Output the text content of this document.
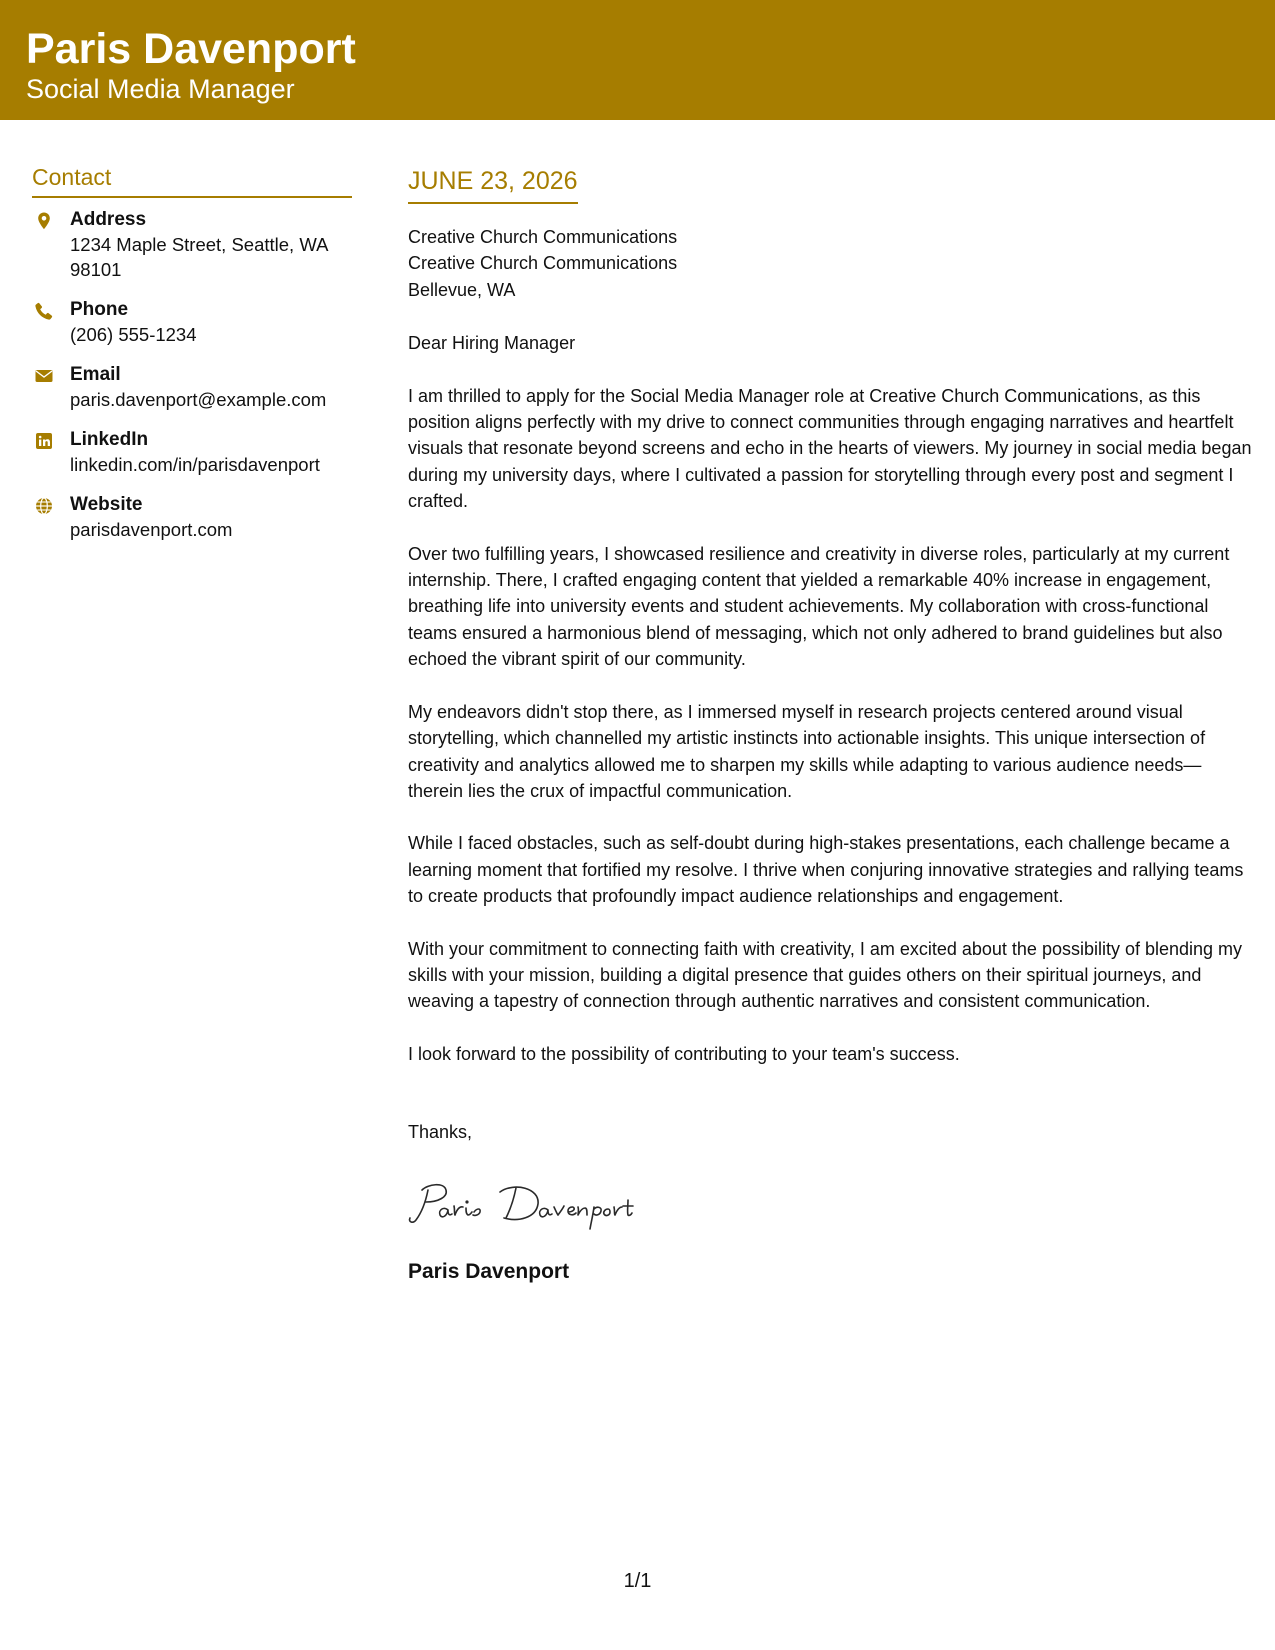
Paris Davenport
Social Media Manager
Contact
Address
1234 Maple Street, Seattle, WA 98101
Phone
(206) 555-1234
Email
paris.davenport@example.com
LinkedIn
linkedin.com/in/parisdavenport
Website
parisdavenport.com
JUNE 23, 2026
Creative Church Communications
Creative Church Communications
Bellevue, WA
Dear Hiring Manager
I am thrilled to apply for the Social Media Manager role at Creative Church Communications, as this position aligns perfectly with my drive to connect communities through engaging narratives and heartfelt visuals that resonate beyond screens and echo in the hearts of viewers. My journey in social media began during my university days, where I cultivated a passion for storytelling through every post and segment I crafted.
Over two fulfilling years, I showcased resilience and creativity in diverse roles, particularly at my current internship. There, I crafted engaging content that yielded a remarkable 40% increase in engagement, breathing life into university events and student achievements. My collaboration with cross-functional teams ensured a harmonious blend of messaging, which not only adhered to brand guidelines but also echoed the vibrant spirit of our community.
My endeavors didn't stop there, as I immersed myself in research projects centered around visual storytelling, which channelled my artistic instincts into actionable insights. This unique intersection of creativity and analytics allowed me to sharpen my skills while adapting to various audience needs—therein lies the crux of impactful communication.
While I faced obstacles, such as self-doubt during high-stakes presentations, each challenge became a learning moment that fortified my resolve. I thrive when conjuring innovative strategies and rallying teams to create products that profoundly impact audience relationships and engagement.
With your commitment to connecting faith with creativity, I am excited about the possibility of blending my skills with your mission, building a digital presence that guides others on their spiritual journeys, and weaving a tapestry of connection through authentic narratives and consistent communication.
I look forward to the possibility of contributing to your team's success.
Thanks,
Paris Davenport
1/1
